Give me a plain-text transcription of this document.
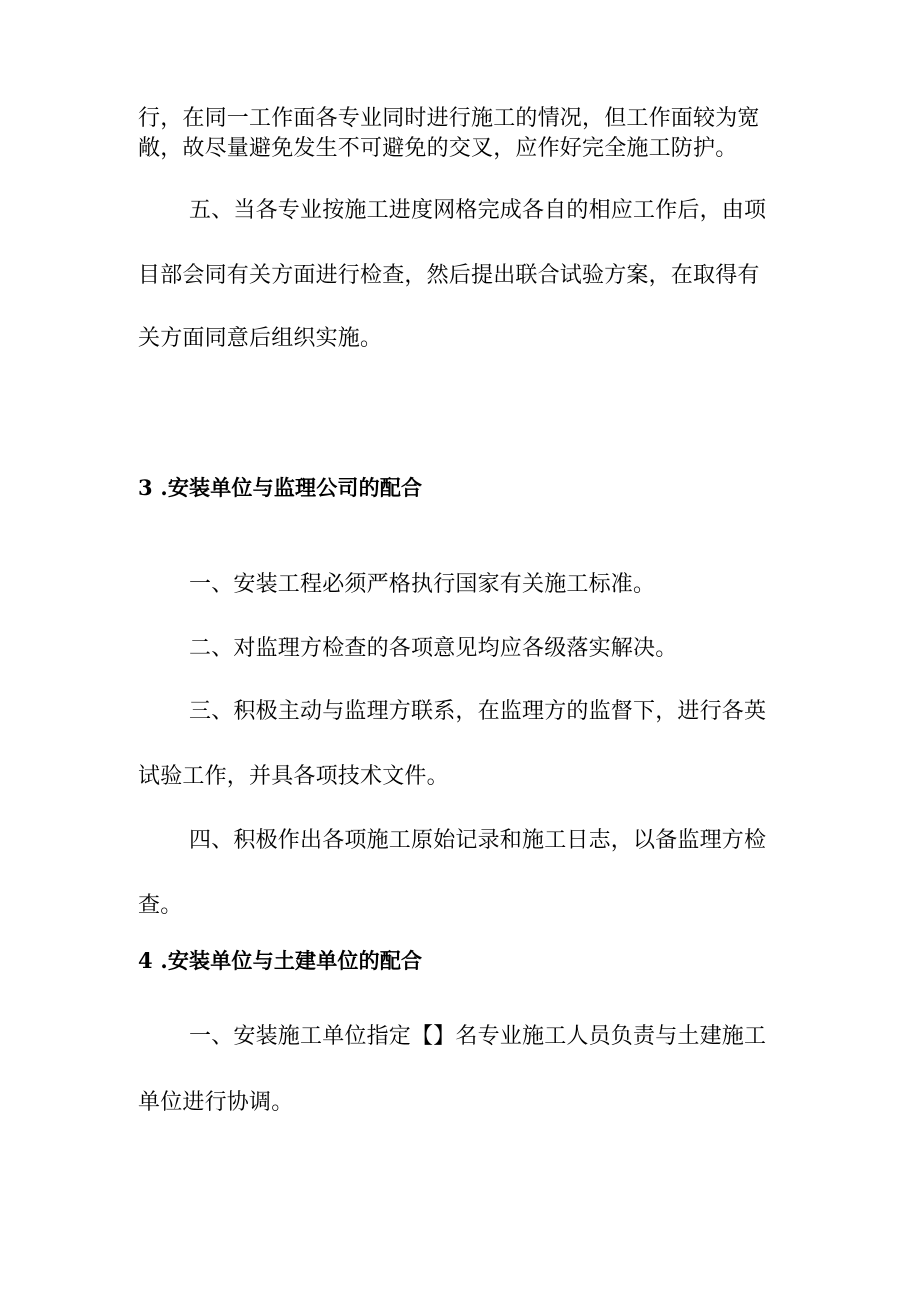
行，在同一工作面各专业同时进行施工的情况，但工作面较为宽
敞，故尽量避免发生不可避免的交叉，应作好完全施工防护。
五、当各专业按施工进度网格完成各自的相应工作后，由项
目部会同有关方面进行检查，然后提出联合试验方案，在取得有
关方面同意后组织实施。
3 .安装单位与监理公司的配合
一、安装工程必须严格执行国家有关施工标准。
二、对监理方检查的各项意见均应各级落实解决。
三、积极主动与监理方联系，在监理方的监督下，进行各英
试验工作，并具各项技术文件。
四、积极作出各项施工原始记录和施工日志，以备监理方检
查。
4 .安装单位与土建单位的配合
一、安装施工单位指定【】名专业施工人员负责与土建施工
单位进行协调。
